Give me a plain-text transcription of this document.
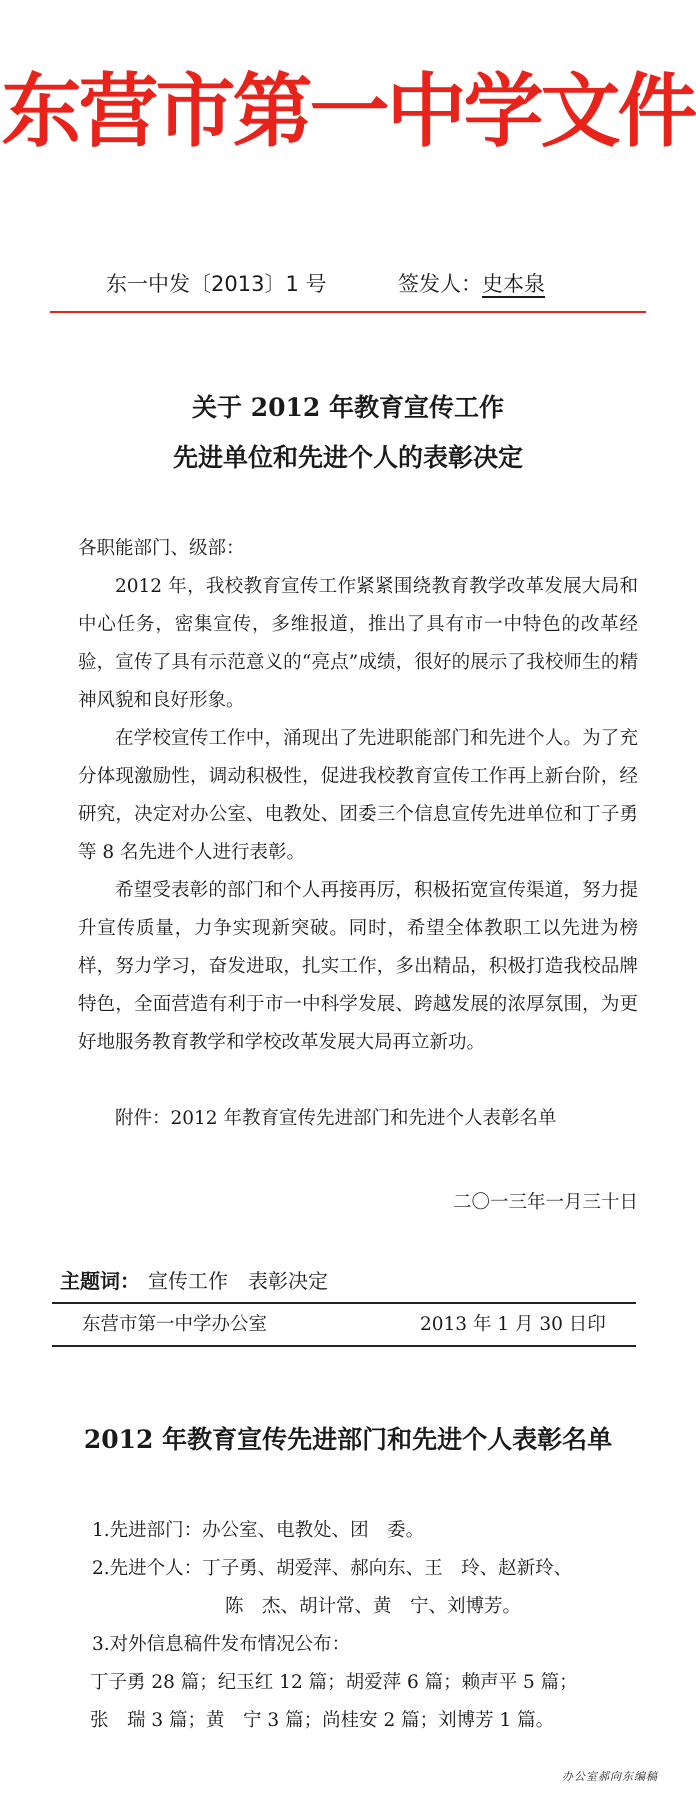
东营市第一中学文件
东一中发〔2013〕1 号	签发人：史本泉
关于 2012 年教育宣传工作
先进单位和先进个人的表彰决定
各职能部门、级部：
2012 年，我校教育宣传工作紧紧围绕教育教学改革发展大局和中心任务，密集宣传，多维报道，推出了具有市一中特色的改革经验，宣传了具有示范意义的“亮点”成绩，很好的展示了我校师生的精神风貌和良好形象。
在学校宣传工作中，涌现出了先进职能部门和先进个人。为了充分体现激励性，调动积极性，促进我校教育宣传工作再上新台阶，经研究，决定对办公室、电教处、团委三个信息宣传先进单位和丁子勇等 8 名先进个人进行表彰。
希望受表彰的部门和个人再接再厉，积极拓宽宣传渠道，努力提升宣传质量，力争实现新突破。同时，希望全体教职工以先进为榜样，努力学习，奋发进取，扎实工作，多出精品，积极打造我校品牌特色，全面营造有利于市一中科学发展、跨越发展的浓厚氛围，为更好地服务教育教学和学校改革发展大局再立新功。
附件：2012 年教育宣传先进部门和先进个人表彰名单
二〇一三年一月三十日
主题词： 宣传工作　表彰决定
东营市第一中学办公室	2013 年 1 月 30 日印
2012 年教育宣传先进部门和先进个人表彰名单
1.先进部门：办公室、电教处、团　委。
2.先进个人：丁子勇、胡爱萍、郝向东、王　玲、赵新玲、
陈　杰、胡计常、黄　宁、刘博芳。
3.对外信息稿件发布情况公布：
丁子勇 28 篇；纪玉红 12 篇；胡爱萍 6 篇；赖声平 5 篇；
张　瑞 3 篇；黄　宁 3 篇；尚桂安 2 篇；刘博芳 1 篇。
办公室郝向东编稿
